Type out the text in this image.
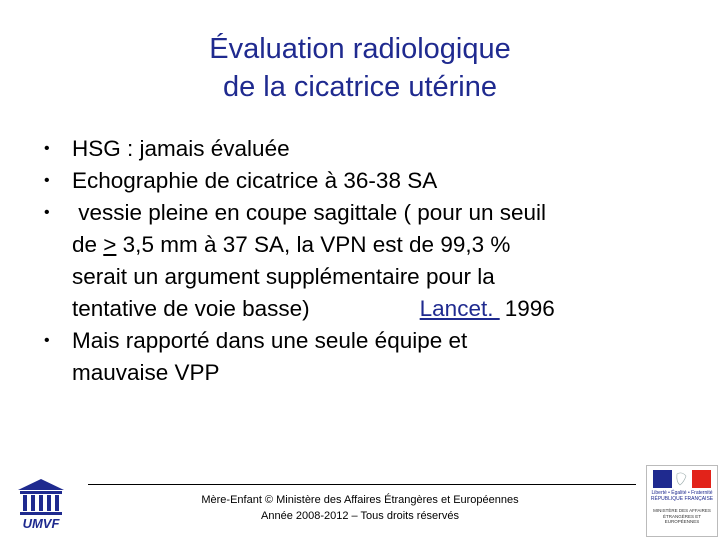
Évaluation radiologique
de la cicatrice utérine
• HSG : jamais évaluée
• Echographie de cicatrice à 36-38 SA
• vessie pleine en coupe sagittale ( pour un seuil
de ≥ 3,5 mm à 37 SA, la VPN est de 99,3 %
serait un argument supplémentaire pour la
tentative de voie basse)	Lancet. 1996
• Mais rapporté dans une seule équipe et
mauvaise VPP
Mère-Enfant © Ministère des Affaires Étrangères et Européennes
Année 2008-2012 – Tous droits réservés
UMVF
Liberté • Égalité • Fraternité RÉPUBLIQUE FRANÇAISE
MINISTÈRE DES AFFAIRES ÉTRANGÈRES ET EUROPÉENNES
